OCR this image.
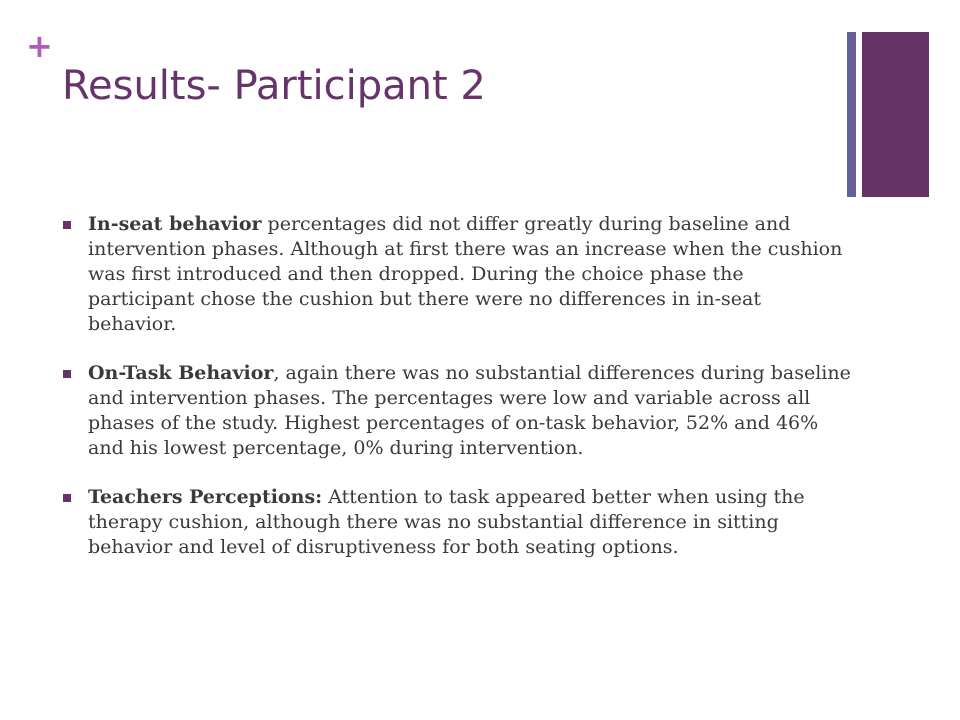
+
Results- Participant 2
In-seat behavior percentages did not differ greatly during baseline and intervention phases. Although at first there was an increase when the cushion was first introduced and then dropped. During the choice phase the participant chose the cushion but there were no differences in in-seat behavior.
On-Task Behavior, again there was no substantial differences during baseline and intervention phases. The percentages were low and variable across all phases of the study. Highest percentages of on-task behavior, 52% and 46% and his lowest percentage, 0% during intervention.
Teachers Perceptions: Attention to task appeared better when using the therapy cushion, although there was no substantial difference in sitting behavior and level of disruptiveness for both seating options.
